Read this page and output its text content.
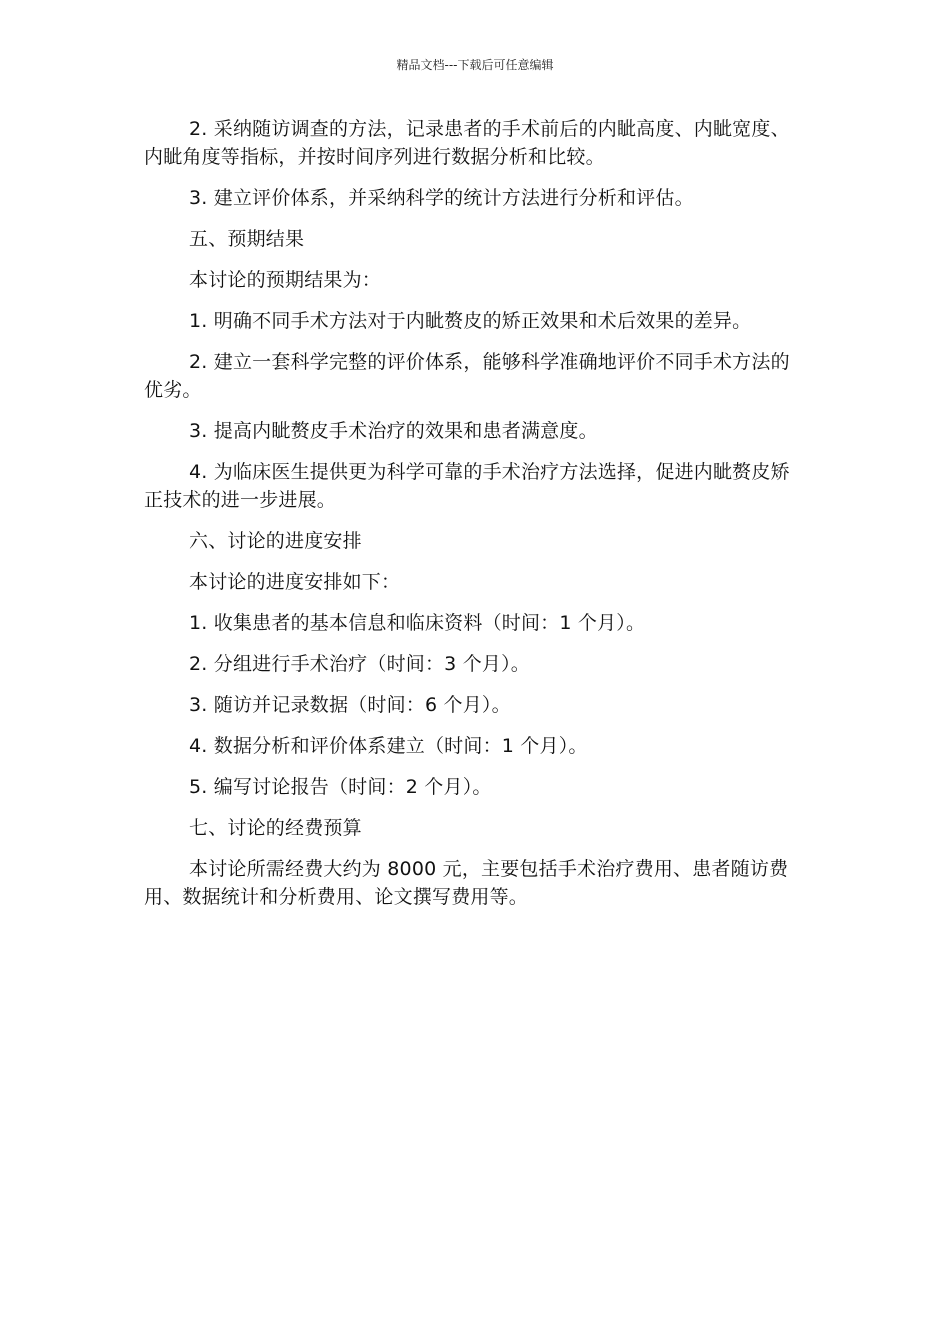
精品文档---下载后可任意编辑

2. 采纳随访调查的方法，记录患者的手术前后的内眦高度、内眦宽度、内眦角度等指标，并按时间序列进行数据分析和比较。

3. 建立评价体系，并采纳科学的统计方法进行分析和评估。

五、预期结果

本讨论的预期结果为：

1. 明确不同手术方法对于内眦赘皮的矫正效果和术后效果的差异。

2. 建立一套科学完整的评价体系，能够科学准确地评价不同手术方法的优劣。

3. 提高内眦赘皮手术治疗的效果和患者满意度。

4. 为临床医生提供更为科学可靠的手术治疗方法选择，促进内眦赘皮矫正技术的进一步进展。

六、讨论的进度安排

本讨论的进度安排如下：

1. 收集患者的基本信息和临床资料（时间：1 个月）。

2. 分组进行手术治疗（时间：3 个月）。

3. 随访并记录数据（时间：6 个月）。

4. 数据分析和评价体系建立（时间：1 个月）。

5. 编写讨论报告（时间：2 个月）。

七、讨论的经费预算

本讨论所需经费大约为 8000 元，主要包括手术治疗费用、患者随访费用、数据统计和分析费用、论文撰写费用等。
